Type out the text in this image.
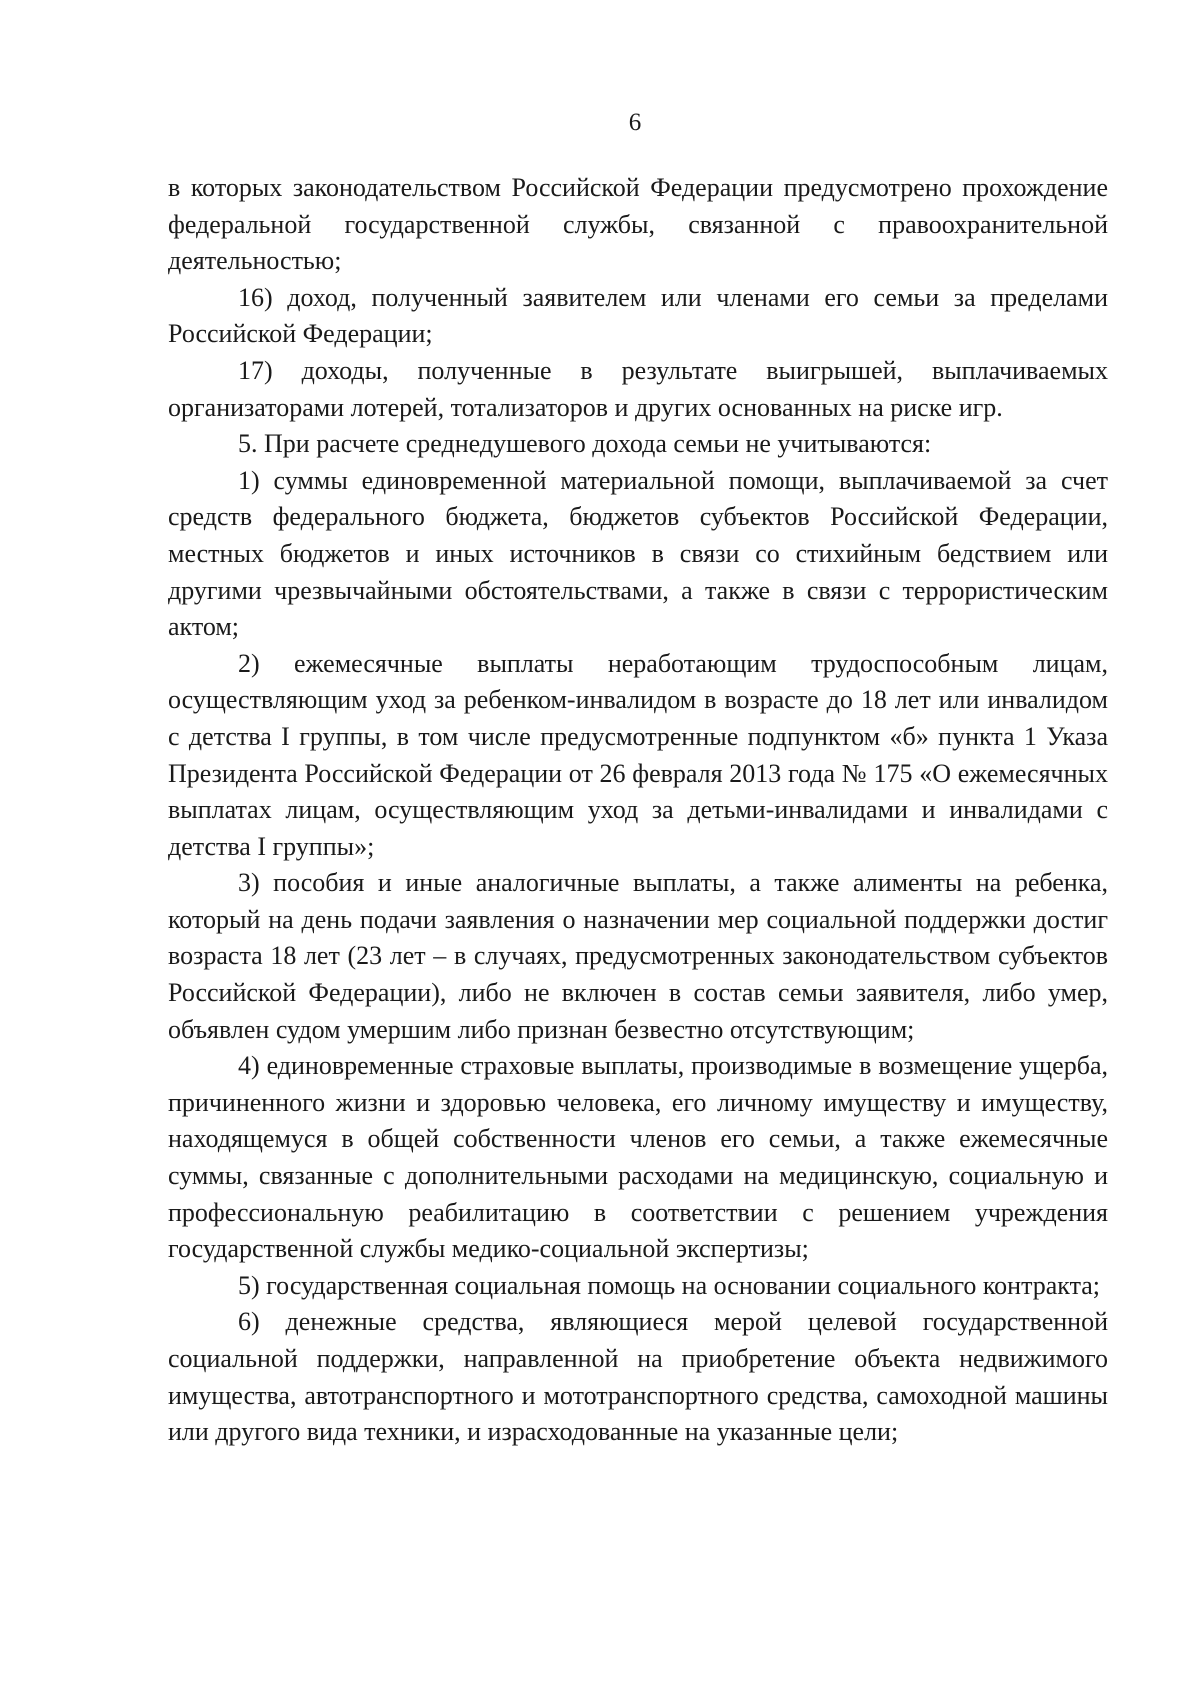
6

в которых законодательством Российской Федерации предусмотрено прохождение федеральной государственной службы, связанной с правоохранительной деятельностью;

16) доход, полученный заявителем или членами его семьи за пределами Российской Федерации;

17) доходы, полученные в результате выигрышей, выплачиваемых организаторами лотерей, тотализаторов и других основанных на риске игр.

5. При расчете среднедушевого дохода семьи не учитываются:

1) суммы единовременной материальной помощи, выплачиваемой за счет средств федерального бюджета, бюджетов субъектов Российской Федерации, местных бюджетов и иных источников в связи со стихийным бедствием или другими чрезвычайными обстоятельствами, а также в связи с террористическим актом;

2) ежемесячные выплаты неработающим трудоспособным лицам, осуществляющим уход за ребенком-инвалидом в возрасте до 18 лет или инвалидом с детства I группы, в том числе предусмотренные подпунктом «б» пункта 1 Указа Президента Российской Федерации от 26 февраля 2013 года № 175 «О ежемесячных выплатах лицам, осуществляющим уход за детьми-инвалидами и инвалидами с детства I группы»;

3) пособия и иные аналогичные выплаты, а также алименты на ребенка, который на день подачи заявления о назначении мер социальной поддержки достиг возраста 18 лет (23 лет – в случаях, предусмотренных законодательством субъектов Российской Федерации), либо не включен в состав семьи заявителя, либо умер, объявлен судом умершим либо признан безвестно отсутствующим;

4) единовременные страховые выплаты, производимые в возмещение ущерба, причиненного жизни и здоровью человека, его личному имуществу и имуществу, находящемуся в общей собственности членов его семьи, а также ежемесячные суммы, связанные с дополнительными расходами на медицинскую, социальную и профессиональную реабилитацию в соответствии с решением учреждения государственной службы медико-социальной экспертизы;

5) государственная социальная помощь на основании социального контракта;

6) денежные средства, являющиеся мерой целевой государственной социальной поддержки, направленной на приобретение объекта недвижимого имущества, автотранспортного и мототранспортного средства, самоходной машины или другого вида техники, и израсходованные на указанные цели;
